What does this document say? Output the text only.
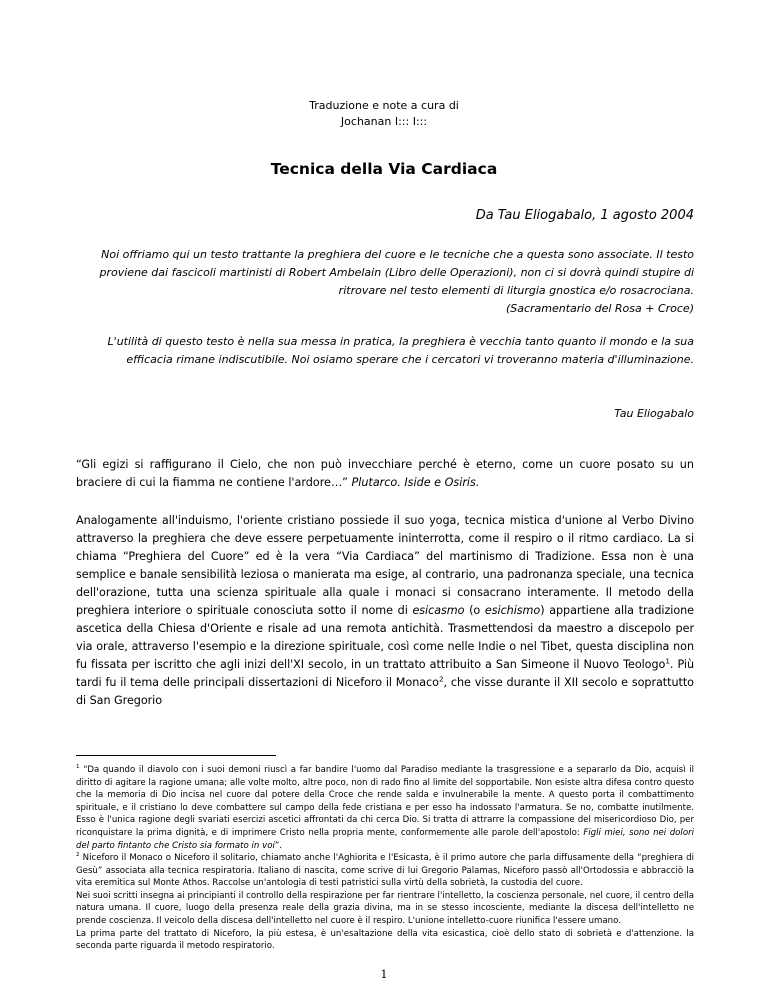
Traduzione e note a cura di
Jochanan I::: I:::
Tecnica della Via Cardiaca
Da Tau Eliogabalo, 1 agosto 2004

Noi offriamo qui un testo trattante la preghiera del cuore e le tecniche che a questa sono associate. Il testo proviene dai fascicoli martinisti di Robert Ambelain (Libro delle Operazioni), non ci si dovrà quindi stupire di ritrovare nel testo elementi di liturgia gnostica e/o rosacrociana.
(Sacramentario del Rosa + Croce)

L'utilità di questo testo è nella sua messa in pratica, la preghiera è vecchia tanto quanto il mondo e la sua efficacia rimane indiscutibile. Noi osiamo sperare che i cercatori vi troveranno materia d'illuminazione.

Tau Eliogabalo
“Gli egizi si raffigurano il Cielo, che non può invecchiare perché è eterno, come un cuore posato su un braciere di cui la fiamma ne contiene l'ardore…” Plutarco. Iside e Osiris.
Analogamente all'induismo, l'oriente cristiano possiede il suo yoga, tecnica mistica d'unione al Verbo Divino attraverso la preghiera che deve essere perpetuamente ininterrotta, come il respiro o il ritmo cardiaco. La si chiama “Preghiera del Cuore” ed è la vera “Via Cardiaca” del martinismo di Tradizione. Essa non è una semplice e banale sensibilità leziosa o manierata ma esige, al contrario, una padronanza speciale, una tecnica dell'orazione, tutta una scienza spirituale alla quale i monaci si consacrano interamente. Il metodo della preghiera interiore o spirituale conosciuta sotto il nome di esicasmo (o esichismo) appartiene alla tradizione ascetica della Chiesa d'Oriente e risale ad una remota antichità. Trasmettendosi da maestro a discepolo per via orale, attraverso l'esempio e la direzione spirituale, così come nelle Indie o nel Tibet, questa disciplina non fu fissata per iscritto che agli inizi dell'XI secolo, in un trattato attribuito a San Simeone il Nuovo Teologo$^1$. Più tardi fu il tema delle principali dissertazioni di Niceforo il Monaco$^2$, che visse durante il XII secolo e soprattutto di San Gregorio

$^1$ “Da quando il diavolo con i suoi demoni riuscì a far bandire l'uomo dal Paradiso mediante la trasgressione e a separarlo da Dio, acquisì il diritto di agitare la ragione umana; alle volte molto, altre poco, non di rado fino al limite del sopportabile. Non esiste altra difesa contro questo che la memoria di Dio incisa nel cuore dal potere della Croce che rende salda e invulnerabile la mente. A questo porta il combattimento spirituale, e il cristiano lo deve combattere sul campo della fede cristiana e per esso ha indossato l'armatura. Se no, combatte inutilmente. Esso è l'unica ragione degli svariati esercizi ascetici affrontati da chi cerca Dio. Si tratta di attrarre la compassione del misericordioso Dio, per riconquistare la prima dignità, e di imprimere Cristo nella propria mente, conformemente alle parole dell'apostolo: Figli miei, sono nei dolori del parto fintanto che Cristo sia formato in voi”.

$^2$ Niceforo il Monaco o Niceforo il solitario, chiamato anche l'Aghiorita e l'Esicasta, è il primo autore che parla diffusamente della “preghiera di Gesù” associata alla tecnica respiratoria. Italiano di nascita, come scrive di lui Gregorio Palamas, Niceforo passò all'Ortodossia e abbracciò la vita eremitica sul Monte Athos. Raccolse un'antologia di testi patristici sulla virtù della sobrietà, la custodia del cuore.

Nei suoi scritti insegna ai principianti il controllo della respirazione per far rientrare l'intelletto, la coscienza personale, nel cuore, il centro della natura umana. Il cuore, luogo della presenza reale della grazia divina, ma in se stesso incosciente, mediante la discesa dell'intelletto ne prende coscienza. Il veicolo della discesa dell'intelletto nel cuore è il respiro. L'unione intelletto-cuore riunifica l'essere umano.

La prima parte del trattato di Niceforo, la più estesa, è un'esaltazione della vita esicastica, cioè dello stato di sobrietà e d'attenzione. la seconda parte riguarda il metodo respiratorio.

1
